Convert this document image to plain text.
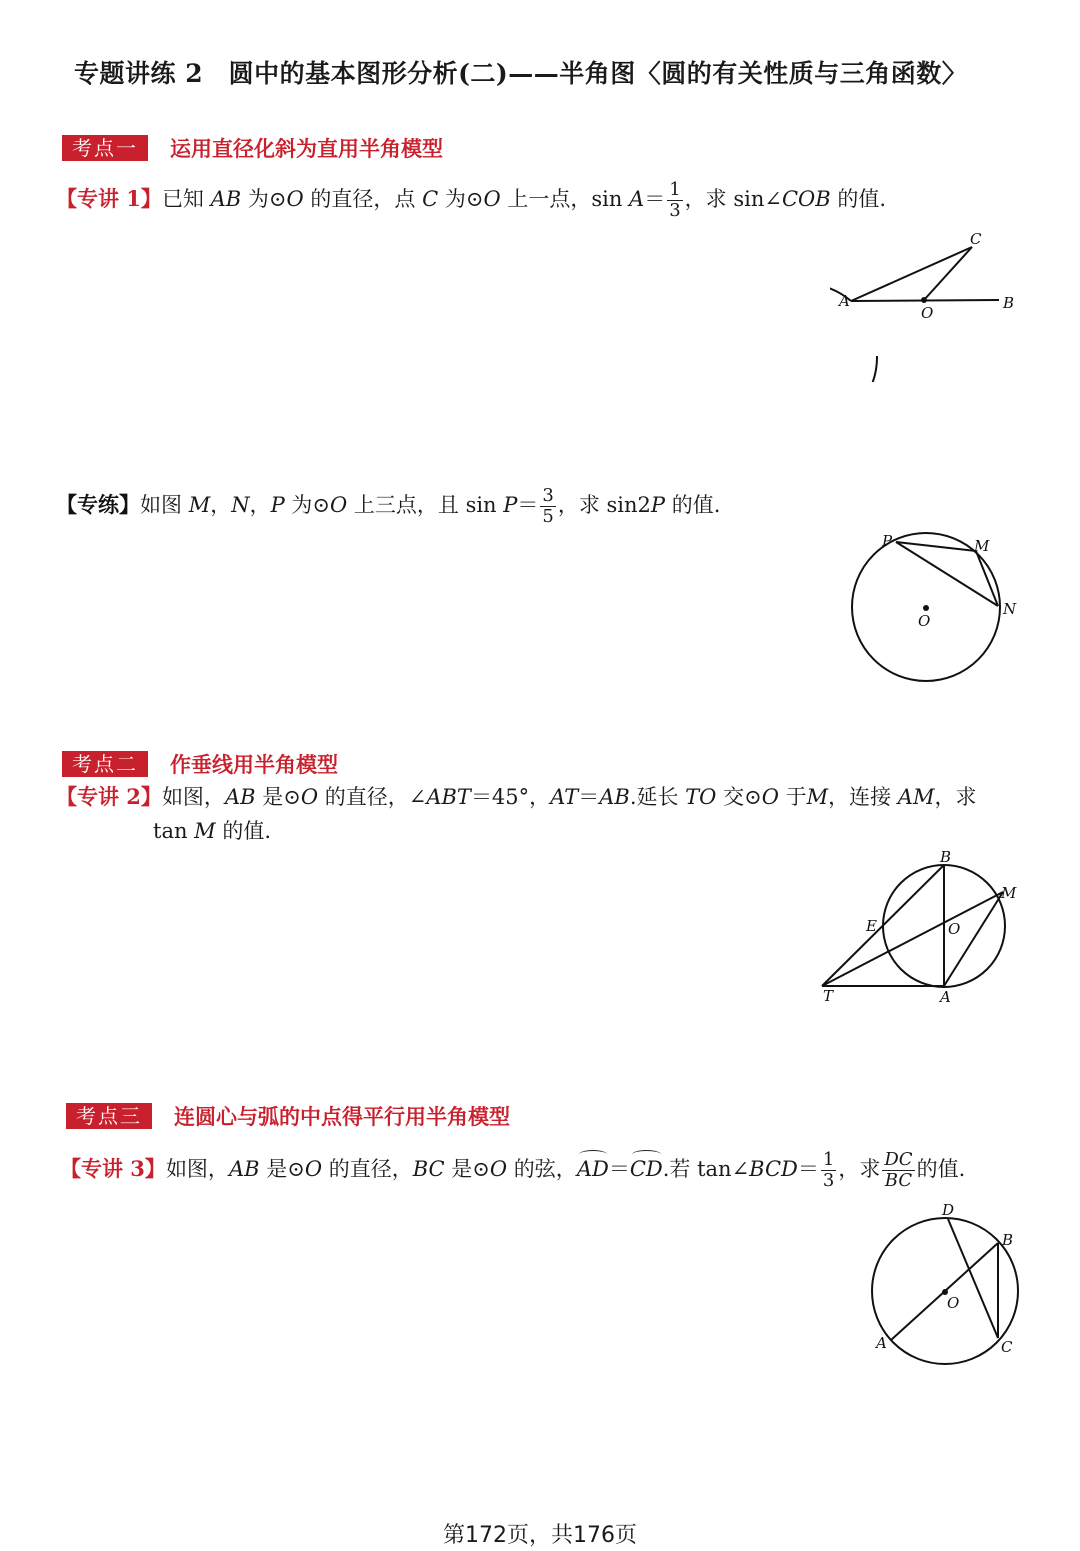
专题讲练 2　圆中的基本图形分析(二)——半角图〈圆的有关性质与三角函数〉
考点一	运用直径化斜为直用半角模型
【专讲 1】已知 AB 为⊙O 的直径，点 C 为⊙O 上一点，$\sin A= \frac{1}{3}$ ，求 sin∠COB 的值.
A	B
C
O
【专练】如图 M，N，P 为⊙O 上三点，且 $\sin P= \frac{3}{5}$ ，求 sin2P 的值.
P	M
N
O
考点二	作垂线用半角模型
【专讲 2】如图，AB 是⊙O 的直径，∠ABT＝45°，AT＝AB.延长 TO 交⊙O 于M，连接 AM，求
tan M 的值.
B
M
E	O
T	A
考点三	连圆心与弧的中点得平行用半角模型
【专讲 3】如图，AB 是⊙O 的直径，BC 是⊙O 的弦，AD＝CD.若 tan∠BCD＝ $\frac{1}{3}$ ，求 $\frac{DC}{BC}$ 的值.
D
B
O
A	C
第172页，共176页
